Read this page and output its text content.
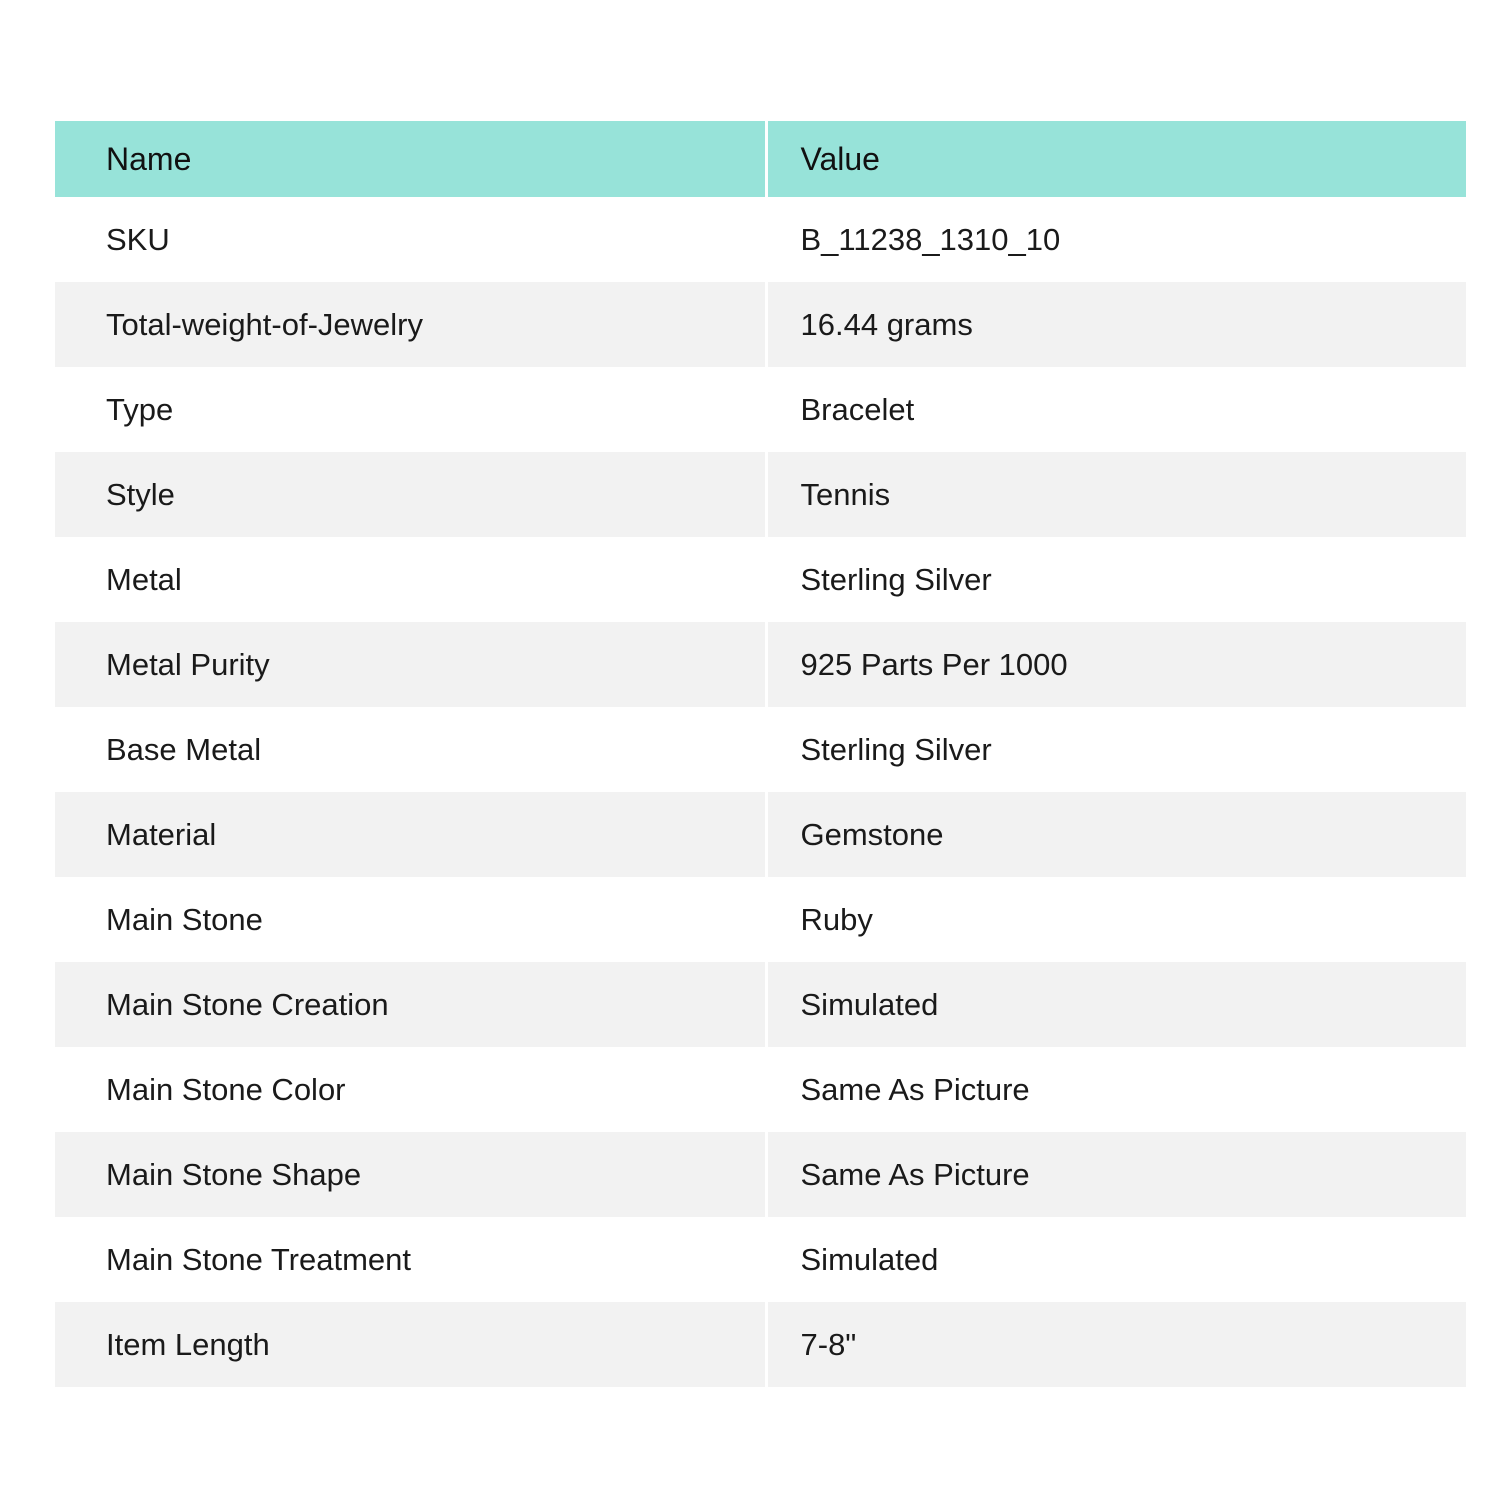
Name	Value
SKU	B_11238_1310_10
Total-weight-of-Jewelry	16.44 grams
Type	Bracelet
Style	Tennis
Metal	Sterling Silver
Metal Purity	925 Parts Per 1000
Base Metal	Sterling Silver
Material	Gemstone
Main Stone	Ruby
Main Stone Creation	Simulated
Main Stone Color	Same As Picture
Main Stone Shape	Same As Picture
Main Stone Treatment	Simulated
Item Length	7-8"
